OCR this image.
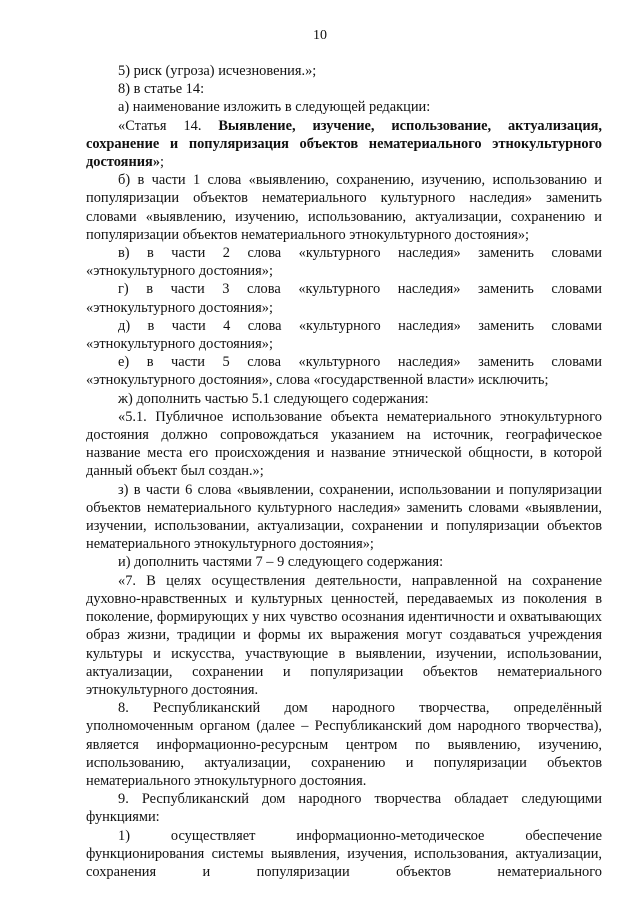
10

5) риск (угроза) исчезновения.»;

8) в статье 14:

а) наименование изложить в следующей редакции:

«Статья 14. Выявление, изучение, использование, актуализация, сохранение и популяризация объектов нематериального этнокультурного достояния»;

б) в части 1 слова «выявлению, сохранению, изучению, использованию и популяризации объектов нематериального культурного наследия» заменить словами «выявлению, изучению, использованию, актуализации, сохранению и популяризации объектов нематериального этнокультурного достояния»;

в) в части 2 слова «культурного наследия» заменить словами «этнокультурного достояния»;

г) в части 3 слова «культурного наследия» заменить словами «этнокультурного достояния»;

д) в части 4 слова «культурного наследия» заменить словами «этнокультурного достояния»;

е) в части 5 слова «культурного наследия» заменить словами «этнокультурного достояния», слова «государственной власти» исключить;

ж) дополнить частью 5.1 следующего содержания:

«5.1. Публичное использование объекта нематериального этнокультурного достояния должно сопровождаться указанием на источник, географическое название места его происхождения и название этнической общности, в которой данный объект был создан.»;

з) в части 6 слова «выявлении, сохранении, использовании и популяризации объектов нематериального культурного наследия» заменить словами «выявлении, изучении, использовании, актуализации, сохранении и популяризации объектов нематериального этнокультурного достояния»;

и) дополнить частями 7 – 9 следующего содержания:

«7. В целях осуществления деятельности, направленной на сохранение духовно-нравственных и культурных ценностей, передаваемых из поколения в поколение, формирующих у них чувство осознания идентичности и охватывающих образ жизни, традиции и формы их выражения могут создаваться учреждения культуры и искусства, участвующие в выявлении, изучении, использовании, актуализации, сохранении и популяризации объектов нематериального этнокультурного достояния.

8. Республиканский дом народного творчества, определённый уполномоченным органом (далее – Республиканский дом народного творчества), является информационно-ресурсным центром по выявлению, изучению, использованию, актуализации, сохранению и популяризации объектов нематериального этнокультурного достояния.

9. Республиканский дом народного творчества обладает следующими функциями:

1) осуществляет информационно-методическое обеспечение функционирования системы выявления, изучения, использования, актуализации, сохранения и популяризации объектов нематериального
